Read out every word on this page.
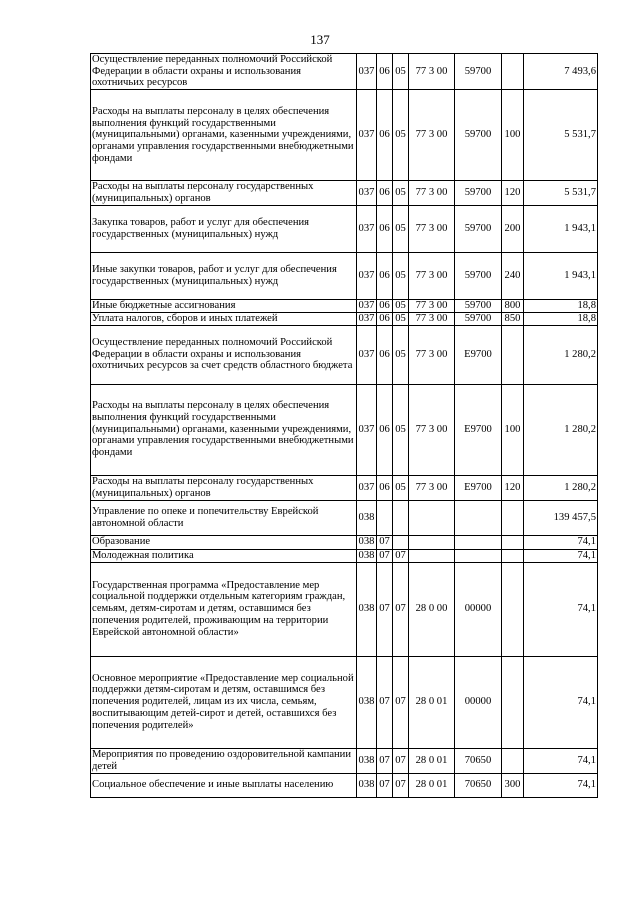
137
Осуществление переданных полномочий Российской Федерации в области охраны и использования охотничьих ресурсов	037	06	05	77 3 00	59700		7 493,6
Расходы на выплаты персоналу в целях обеспечения выполнения функций государственными (муниципальными) органами, казенными учреждениями, органами управления государственными внебюджетными фондами	037	06	05	77 3 00	59700	100	5 531,7
Расходы на выплаты персоналу государственных (муниципальных) органов	037	06	05	77 3 00	59700	120	5 531,7
Закупка товаров, работ и услуг для обеспечения государственных (муниципальных) нужд	037	06	05	77 3 00	59700	200	1 943,1
Иные закупки товаров, работ и услуг для обеспечения государственных (муниципальных) нужд	037	06	05	77 3 00	59700	240	1 943,1
Иные бюджетные ассигнования	037	06	05	77 3 00	59700	800	18,8
Уплата налогов, сборов и иных платежей	037	06	05	77 3 00	59700	850	18,8
Осуществление переданных полномочий Российской Федерации в области охраны и использования охотничьих ресурсов за счет средств областного бюджета	037	06	05	77 3 00	E9700		1 280,2
Расходы на выплаты персоналу в целях обеспечения выполнения функций государственными (муниципальными) органами, казенными учреждениями, органами управления государственными внебюджетными фондами	037	06	05	77 3 00	E9700	100	1 280,2
Расходы на выплаты персоналу государственных (муниципальных) органов	037	06	05	77 3 00	E9700	120	1 280,2
Управление по опеке и попечительству Еврейской автономной области	038						139 457,5
Образование	038	07					74,1
Молодежная политика	038	07	07				74,1
Государственная программа «Предоставление мер социальной поддержки отдельным категориям граждан, семьям, детям-сиротам и детям, оставшимся без попечения родителей, проживающим на территории Еврейской автономной области»	038	07	07	28 0 00	00000		74,1
Основное мероприятие «Предоставление мер социальной поддержки детям-сиротам и детям, оставшимся без попечения родителей, лицам из их числа, семьям, воспитывающим детей-сирот и детей, оставшихся без попечения родителей»	038	07	07	28 0 01	00000		74,1
Мероприятия по проведению оздоровительной кампании детей	038	07	07	28 0 01	70650		74,1
Социальное обеспечение и иные выплаты населению	038	07	07	28 0 01	70650	300	74,1
